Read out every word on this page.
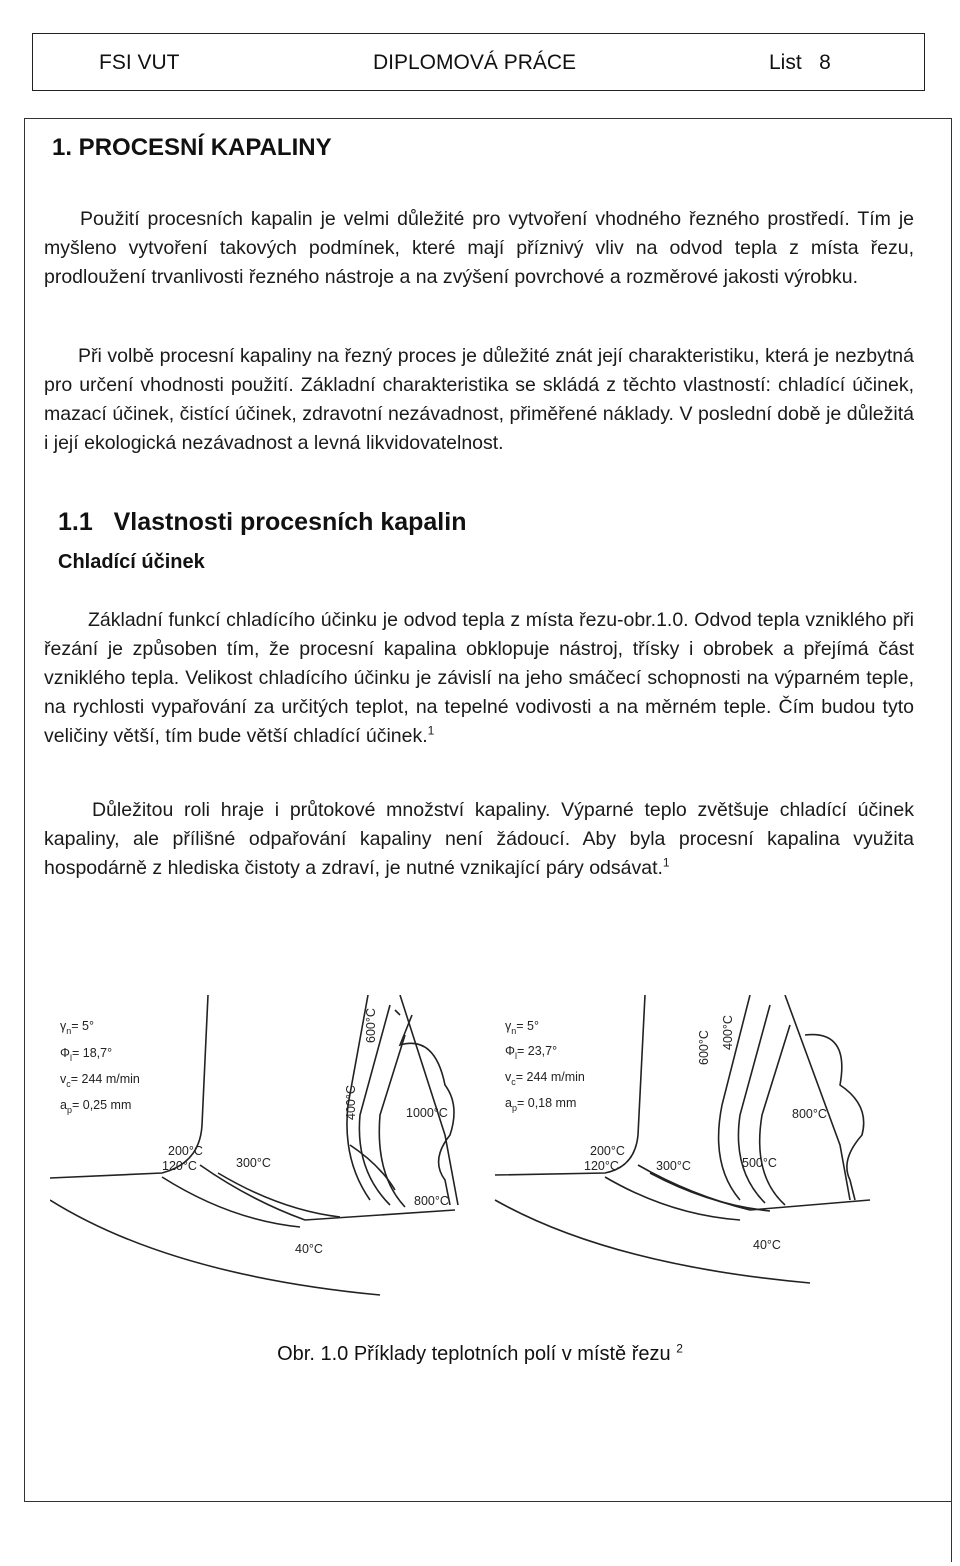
FSI VUT	DIPLOMOVÁ PRÁCE	List   8
1. PROCESNÍ KAPALINY
Použití procesních kapalin je velmi důležité pro vytvoření vhodného řezného prostředí. Tím je myšleno vytvoření takových podmínek, které mají příznivý vliv na odvod tepla z místa řezu, prodloužení trvanlivosti řezného nástroje a na zvýšení povrchové a rozměrové jakosti výrobku.
Při volbě procesní kapaliny na řezný proces je důležité znát její charakteristiku, která je nezbytná pro určení vhodnosti použití. Základní charakteristika se skládá z těchto vlastností: chladící účinek, mazací účinek, čistící účinek, zdravotní nezávadnost, přiměřené náklady. V poslední době je důležitá i její ekologická nezávadnost a levná likvidovatelnost.
1.1   Vlastnosti procesních kapalin
Chladící účinek
Základní funkcí chladícího účinku je odvod tepla z místa řezu-obr.1.0. Odvod tepla vzniklého při řezání je způsoben tím, že procesní kapalina obklopuje nástroj, třísky i obrobek a přejímá část vzniklého tepla. Velikost chladícího účinku je závislí na jeho smáčecí schopnosti na výparném teple, na rychlosti vypařování za určitých teplot, na tepelné vodivosti a na měrném teple. Čím budou tyto veličiny větší, tím bude větší chladící účinek.$^1$
Důležitou roli hraje i průtokové množství kapaliny. Výparné teplo zvětšuje chladící účinek kapaliny, ale přílišné odpařování kapaliny není žádoucí. Aby byla procesní kapalina využita hospodárně z hlediska čistoty a zdraví, je nutné vznikající páry odsávat.$^1$
$\gamma_n= 5^\circ$
$\Phi_l= 18,7^\circ$
$v_c= 244$ m/min
$a_p= 0,25$ mm
600°C
400°C	1000°C
200°C
120°C	300°C
800°C
40°C
$\gamma_n= 5^\circ$
$\Phi_l= 23,7^\circ$
$v_c= 244$ m/min
$a_p= 0,18$ mm
600°C 400°C
800°C
200°C
120°C	300°C	500°C
40°C
Obr. 1.0 Příklady teplotních polí v místě řezu $^2$
